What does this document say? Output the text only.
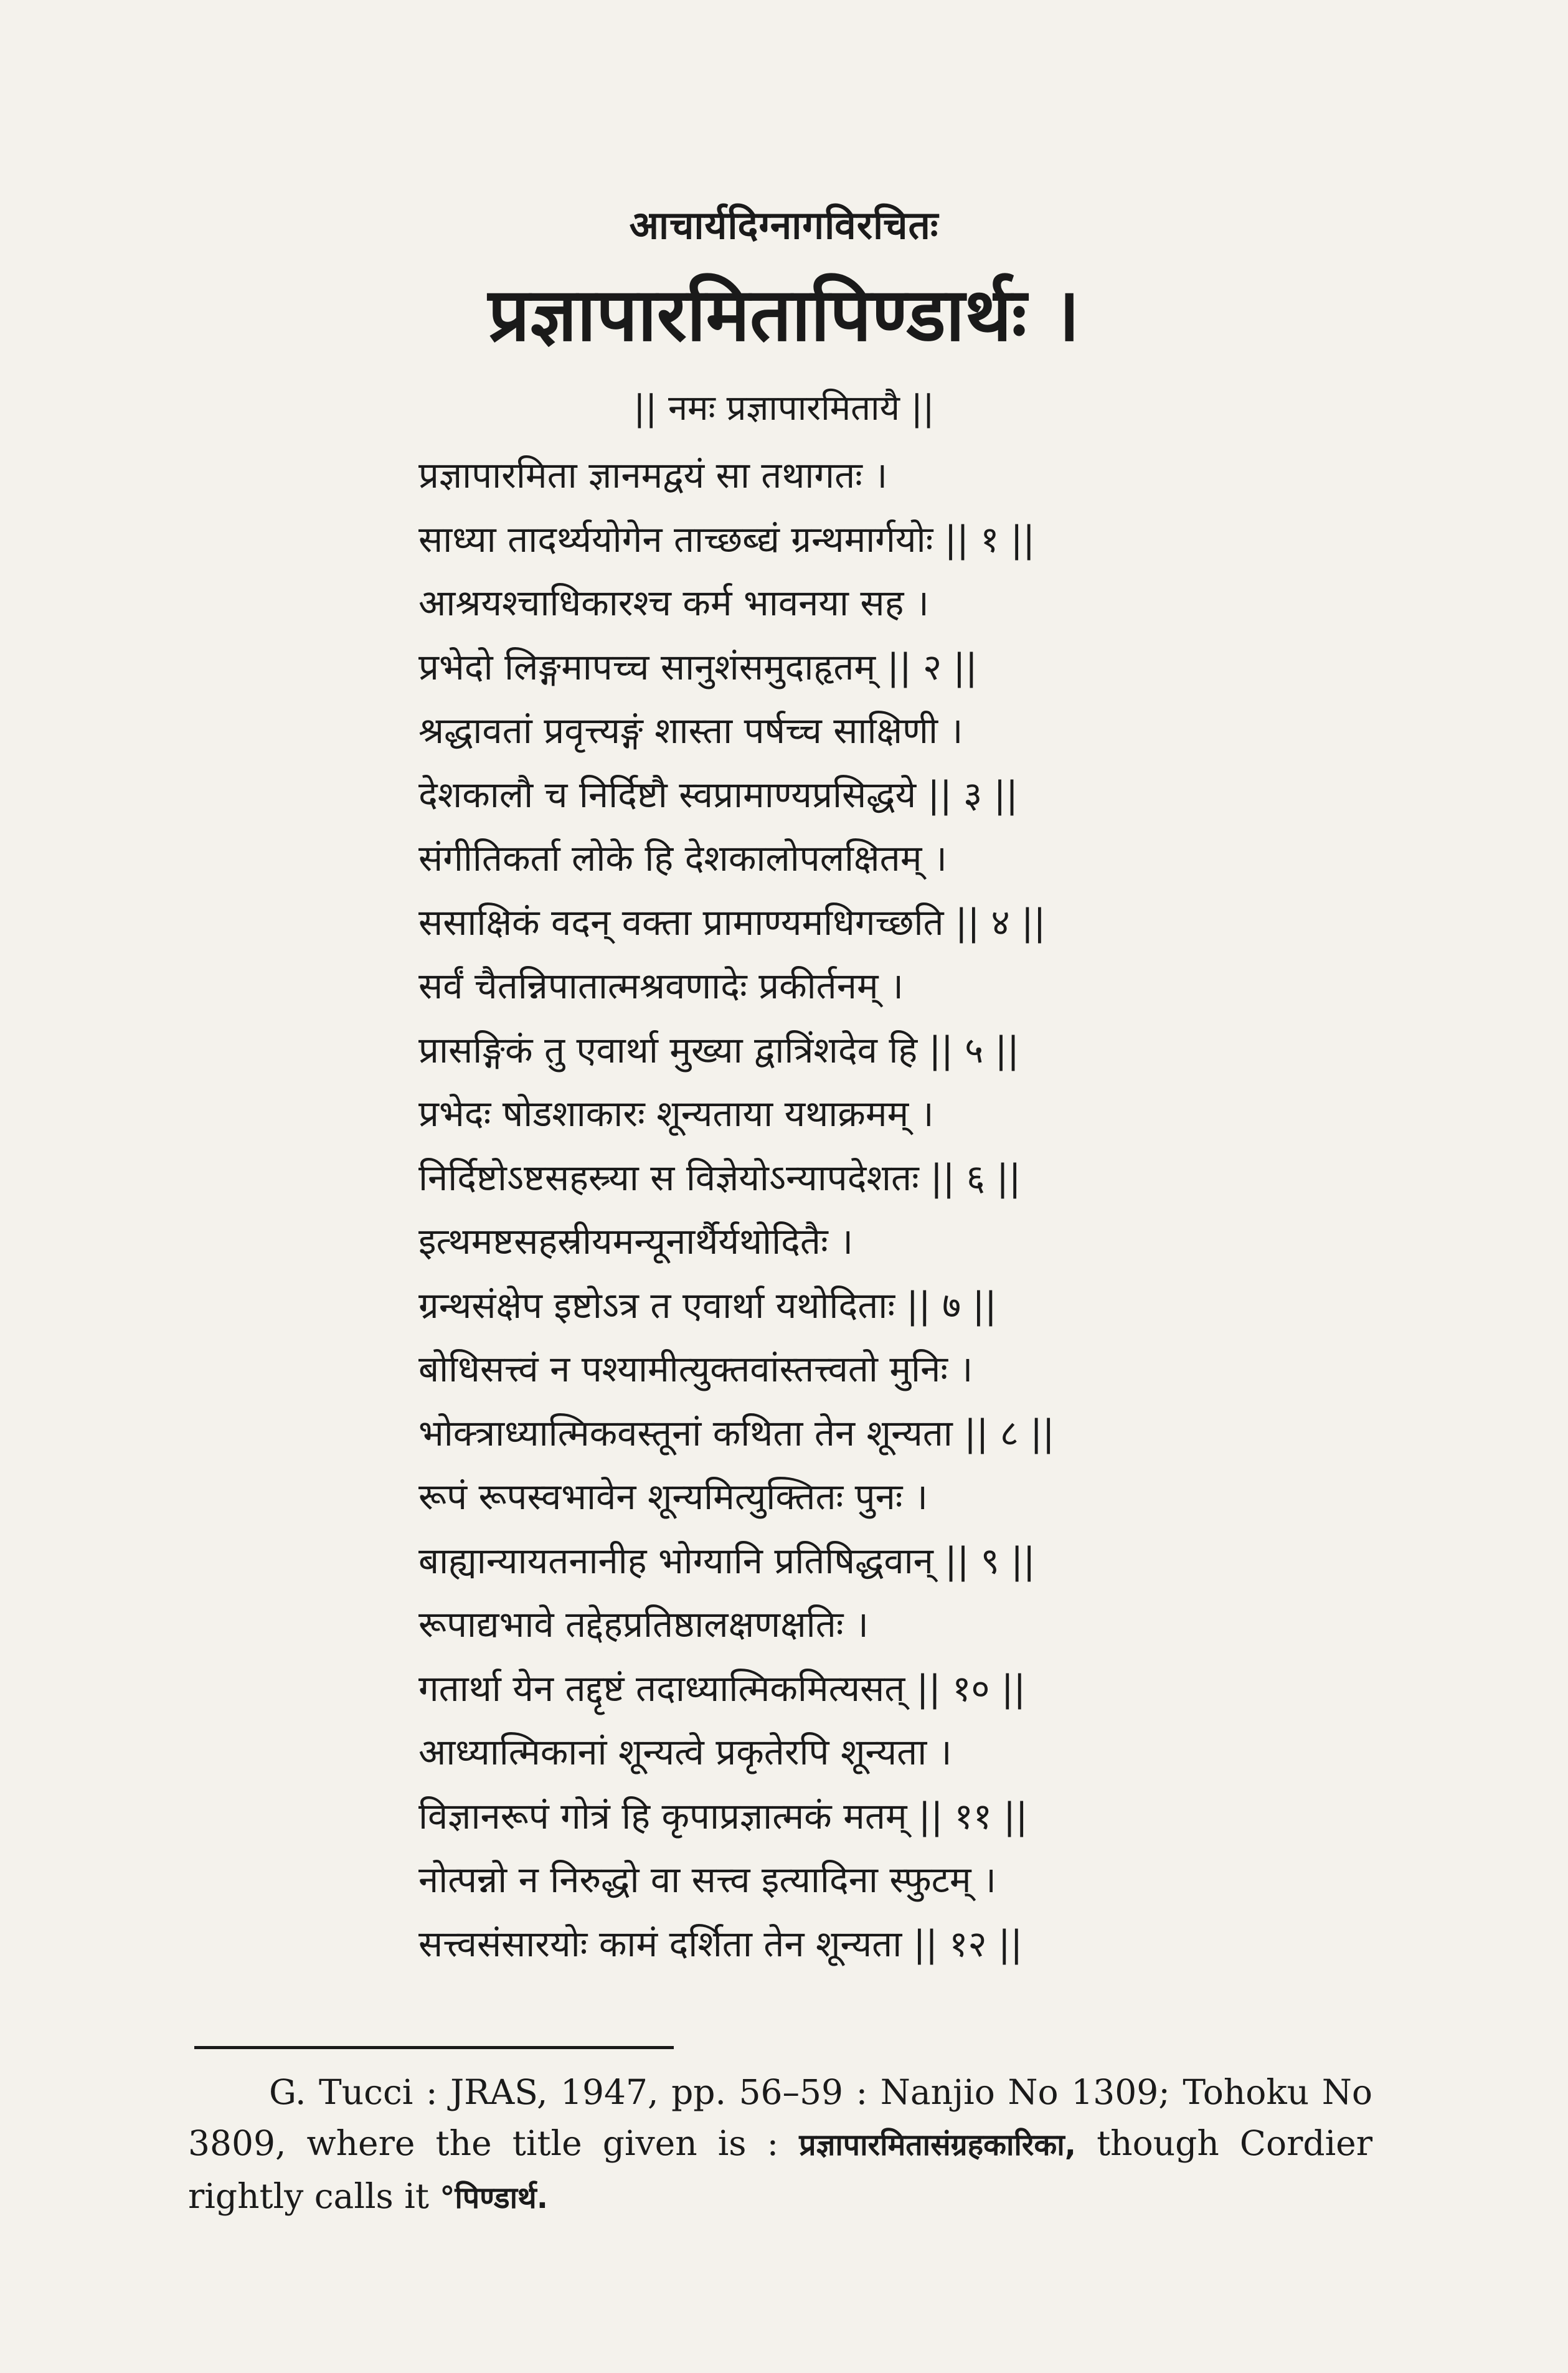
आचार्यदिग्नागविरचितः
प्रज्ञापारमितापिण्डार्थः ।
|| नमः प्रज्ञापारमितायै ||
प्रज्ञापारमिता ज्ञानमद्वयं सा तथागतः ।
साध्या तादर्थ्ययोगेन ताच्छब्द्यं ग्रन्थमार्गयोः || १ ||
आश्रयश्चाधिकारश्च कर्म भावनया सह ।
प्रभेदो लिङ्गमापच्च सानुशंसमुदाहृतम् || २ ||
श्रद्धावतां प्रवृत्त्यङ्गं शास्ता पर्षच्च साक्षिणी ।
देशकालौ च निर्दिष्टौ स्वप्रामाण्यप्रसिद्धये || ३ ||
संगीतिकर्ता लोके हि देशकालोपलक्षितम् ।
ससाक्षिकं वदन् वक्ता प्रामाण्यमधिगच्छति || ४ ||
सर्वं चैतन्निपातात्मश्रवणादेः प्रकीर्तनम् ।
प्रासङ्गिकं तु एवार्था मुख्या द्वात्रिंशदेव हि || ५ ||
प्रभेदः षोडशाकारः शून्यताया यथाक्रमम् ।
निर्दिष्टोऽष्टसहस्र्या स विज्ञेयोऽन्यापदेशतः || ६ ||
इत्थमष्टसहस्रीयमन्यूनार्थैर्यथोदितैः ।
ग्रन्थसंक्षेप इष्टोऽत्र त एवार्था यथोदिताः || ७ ||
बोधिसत्त्वं न पश्यामीत्युक्तवांस्तत्त्वतो मुनिः ।
भोक्त्राध्यात्मिकवस्तूनां कथिता तेन शून्यता || ८ ||
रूपं रूपस्वभावेन शून्यमित्युक्तितः पुनः ।
बाह्यान्यायतनानीह भोग्यानि प्रतिषिद्धवान् || ९ ||
रूपाद्यभावे तद्देहप्रतिष्ठालक्षणक्षतिः ।
गतार्था येन तद्दृष्टं तदाध्यात्मिकमित्यसत् || १० ||
आध्यात्मिकानां शून्यत्वे प्रकृतेरपि शून्यता ।
विज्ञानरूपं गोत्रं हि कृपाप्रज्ञात्मकं मतम् || ११ ||
नोत्पन्नो न निरुद्धो वा सत्त्व इत्यादिना स्फुटम् ।
सत्त्वसंसारयोः कामं दर्शिता तेन शून्यता || १२ ||
G. Tucci : JRAS, 1947, pp. 56–59 : Nanjio No 1309; Tohoku No 3809, where the title given is : प्रज्ञापारमितासंग्रहकारिका, though Cordier rightly calls it °पिण्डार्थ.
